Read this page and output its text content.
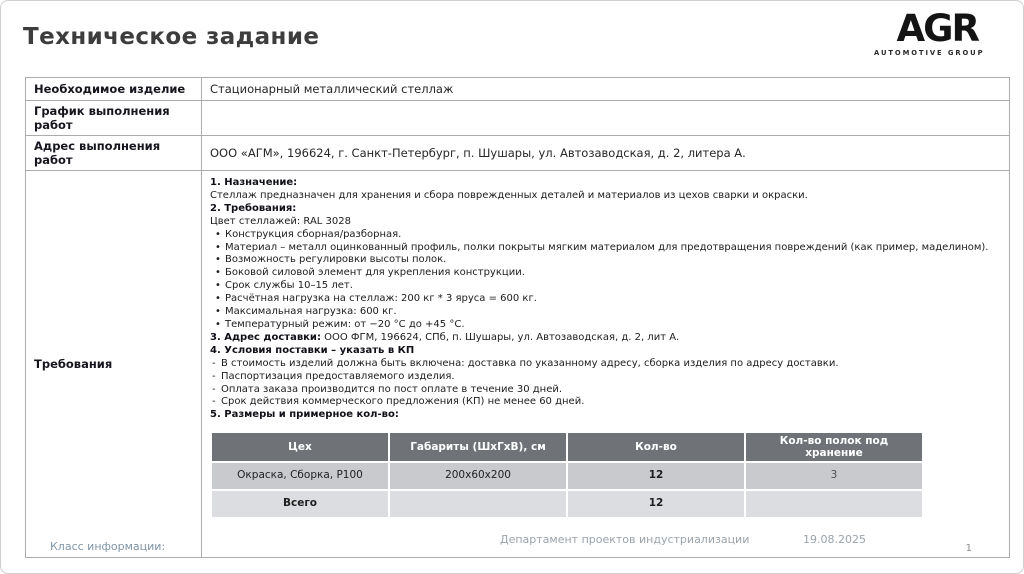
Техническое задание	AGR
AUTOMOTIVE GROUP
Необходимое изделие	Стационарный металлический стеллаж
График выполнения работ	
Адрес выполнения работ	ООО «АГМ», 196624, г. Санкт-Петербург, п. Шушары, ул. Автозаводская, д. 2, литера А.
Требования	
1. Назначение:
Стеллаж предназначен для хранения и сбора поврежденных деталей и материалов из цехов сварки и окраски.
2. Требования:
Цвет стеллажей: RAL 3028
• Конструкция сборная/разборная.
• Материал – металл оцинкованный профиль, полки покрыты мягким материалом для предотвращения повреждений (как пример, маделином).
• Возможность регулировки высоты полок.
• Боковой силовой элемент для укрепления конструкции.
• Срок службы 10–15 лет.
• Расчётная нагрузка на стеллаж: 200 кг * 3 яруса = 600 кг.
• Максимальная нагрузка: 600 кг.
• Температурный режим: от −20 °C до +45 °C.
3. Адрес доставки: ООО ФГМ, 196624, СПб, п. Шушары, ул. Автозаводская, д. 2, лит А.
4. Условия поставки – указать в КП
- В стоимость изделий должна быть включена: доставка по указанному адресу, сборка изделия по адресу доставки.
- Паспортизация предоставляемого изделия.
- Оплата заказа производится по пост оплате в течение 30 дней.
- Срок действия коммерческого предложения (КП) не менее 60 дней.
5. Размеры и примерное кол-во:
Цех	Габариты (ШхГхВ), см	Кол-во	Кол-во полок под хранение
Окраска, Сборка, Р100	200х60х200	12	3
Всего		12	
Класс информации:
Департамент проектов индустриализации	19.08.2025
1
